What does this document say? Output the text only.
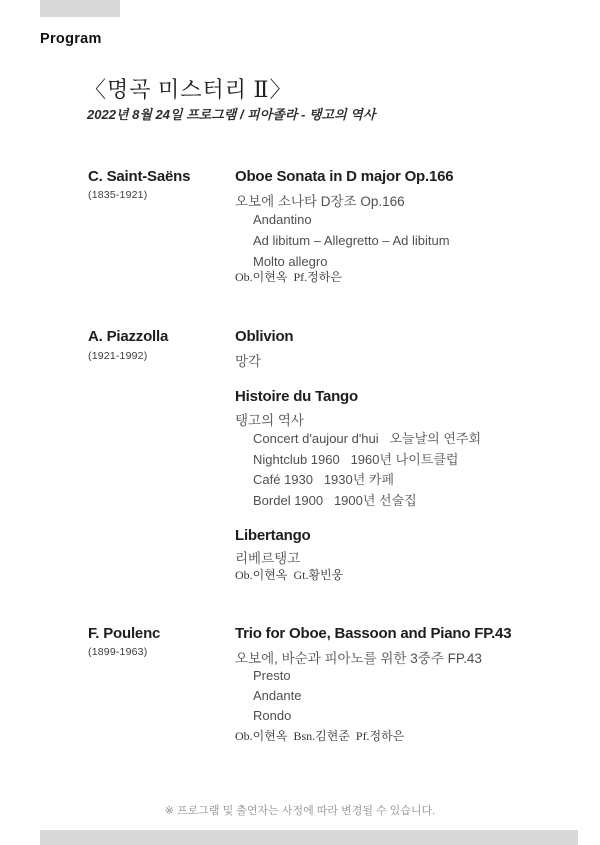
Program
〈명곡 미스터리 Ⅱ〉
2022년 8월 24일 프로그램 / 피아졸라 - 탱고의 역사
C. Saint-Saëns
(1835-1921)
Oboe Sonata in D major Op.166
오보에 소나타 D장조 Op.166
Andantino
Ad libitum – Allegretto – Ad libitum
Molto allegro
Ob.이현옥  Pf.정하은
A. Piazzolla
(1921-1992)
Oblivion
망각
Histoire du Tango
탱고의 역사
Concert d'aujour d'hui   오늘날의 연주회
Nightclub 1960   1960년 나이트클럽
Café 1930   1930년 카페
Bordel 1900   1900년 선술집
Libertango
리베르탱고
Ob.이현옥  Gt.황빈웅
F. Poulenc
(1899-1963)
Trio for Oboe, Bassoon and Piano FP.43
오보에, 바순과 피아노를 위한 3중주 FP.43
Presto
Andante
Rondo
Ob.이현옥  Bsn.김현준  Pf.정하은
※ 프로그램 및 출연자는 사정에 따라 변경될 수 있습니다.
